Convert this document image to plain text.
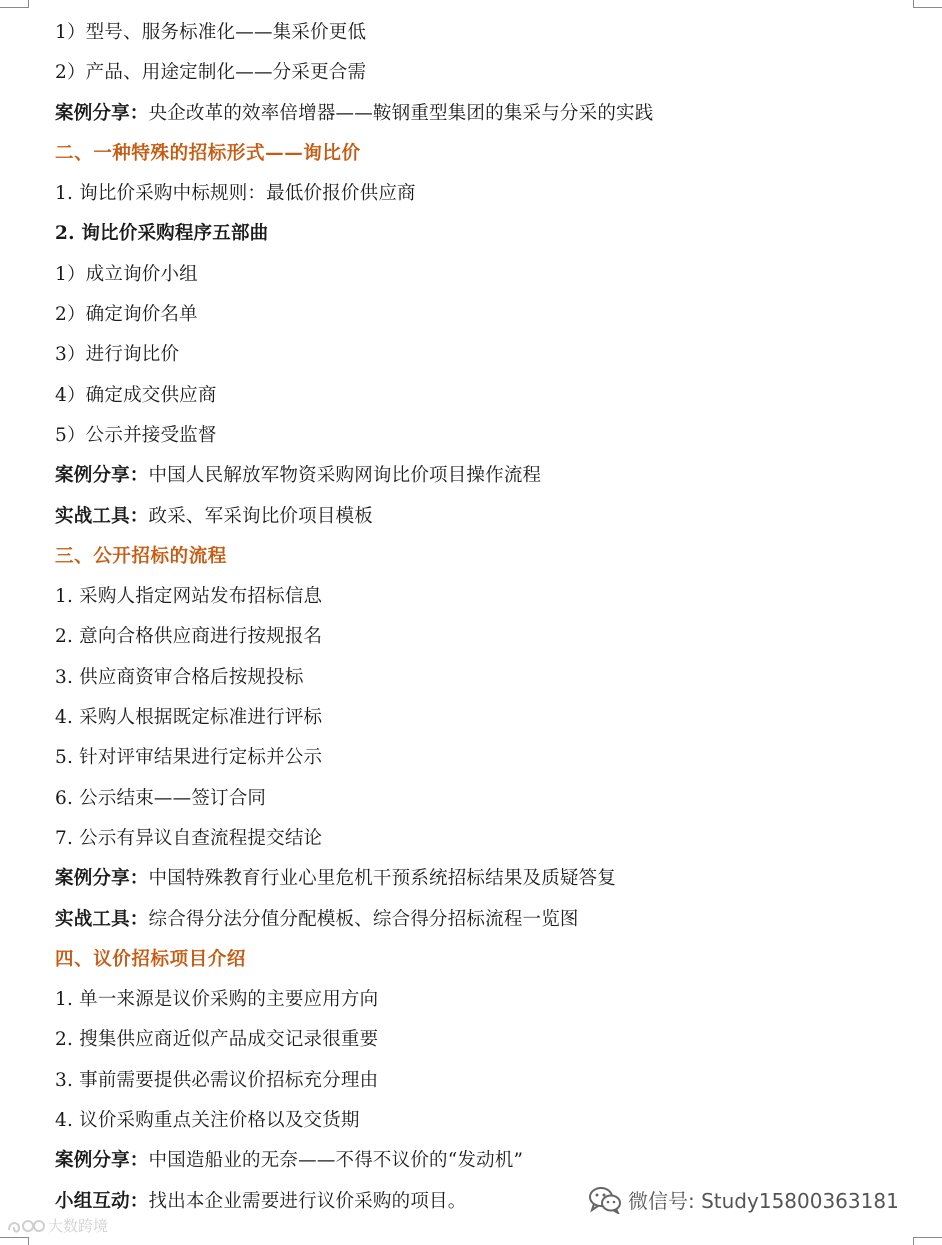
1）型号、服务标准化——集采价更低
2）产品、用途定制化——分采更合需
案例分享：央企改革的效率倍增器——鞍钢重型集团的集采与分采的实践
二、一种特殊的招标形式——询比价
1. 询比价采购中标规则：最低价报价供应商
2. 询比价采购程序五部曲
1）成立询价小组
2）确定询价名单
3）进行询比价
4）确定成交供应商
5）公示并接受监督
案例分享：中国人民解放军物资采购网询比价项目操作流程
实战工具：政采、军采询比价项目模板
三、公开招标的流程
1. 采购人指定网站发布招标信息
2. 意向合格供应商进行按规报名
3. 供应商资审合格后按规投标
4. 采购人根据既定标准进行评标
5. 针对评审结果进行定标并公示
6. 公示结束——签订合同
7. 公示有异议自查流程提交结论
案例分享：中国特殊教育行业心里危机干预系统招标结果及质疑答复
实战工具：综合得分法分值分配模板、综合得分招标流程一览图
四、议价招标项目介绍
1. 单一来源是议价采购的主要应用方向
2. 搜集供应商近似产品成交记录很重要
3. 事前需要提供必需议价招标充分理由
4. 议价采购重点关注价格以及交货期
案例分享：中国造船业的无奈——不得不议价的“发动机”
小组互动：找出本企业需要进行议价采购的项目。	微信号: Study15800363181
大数跨境
